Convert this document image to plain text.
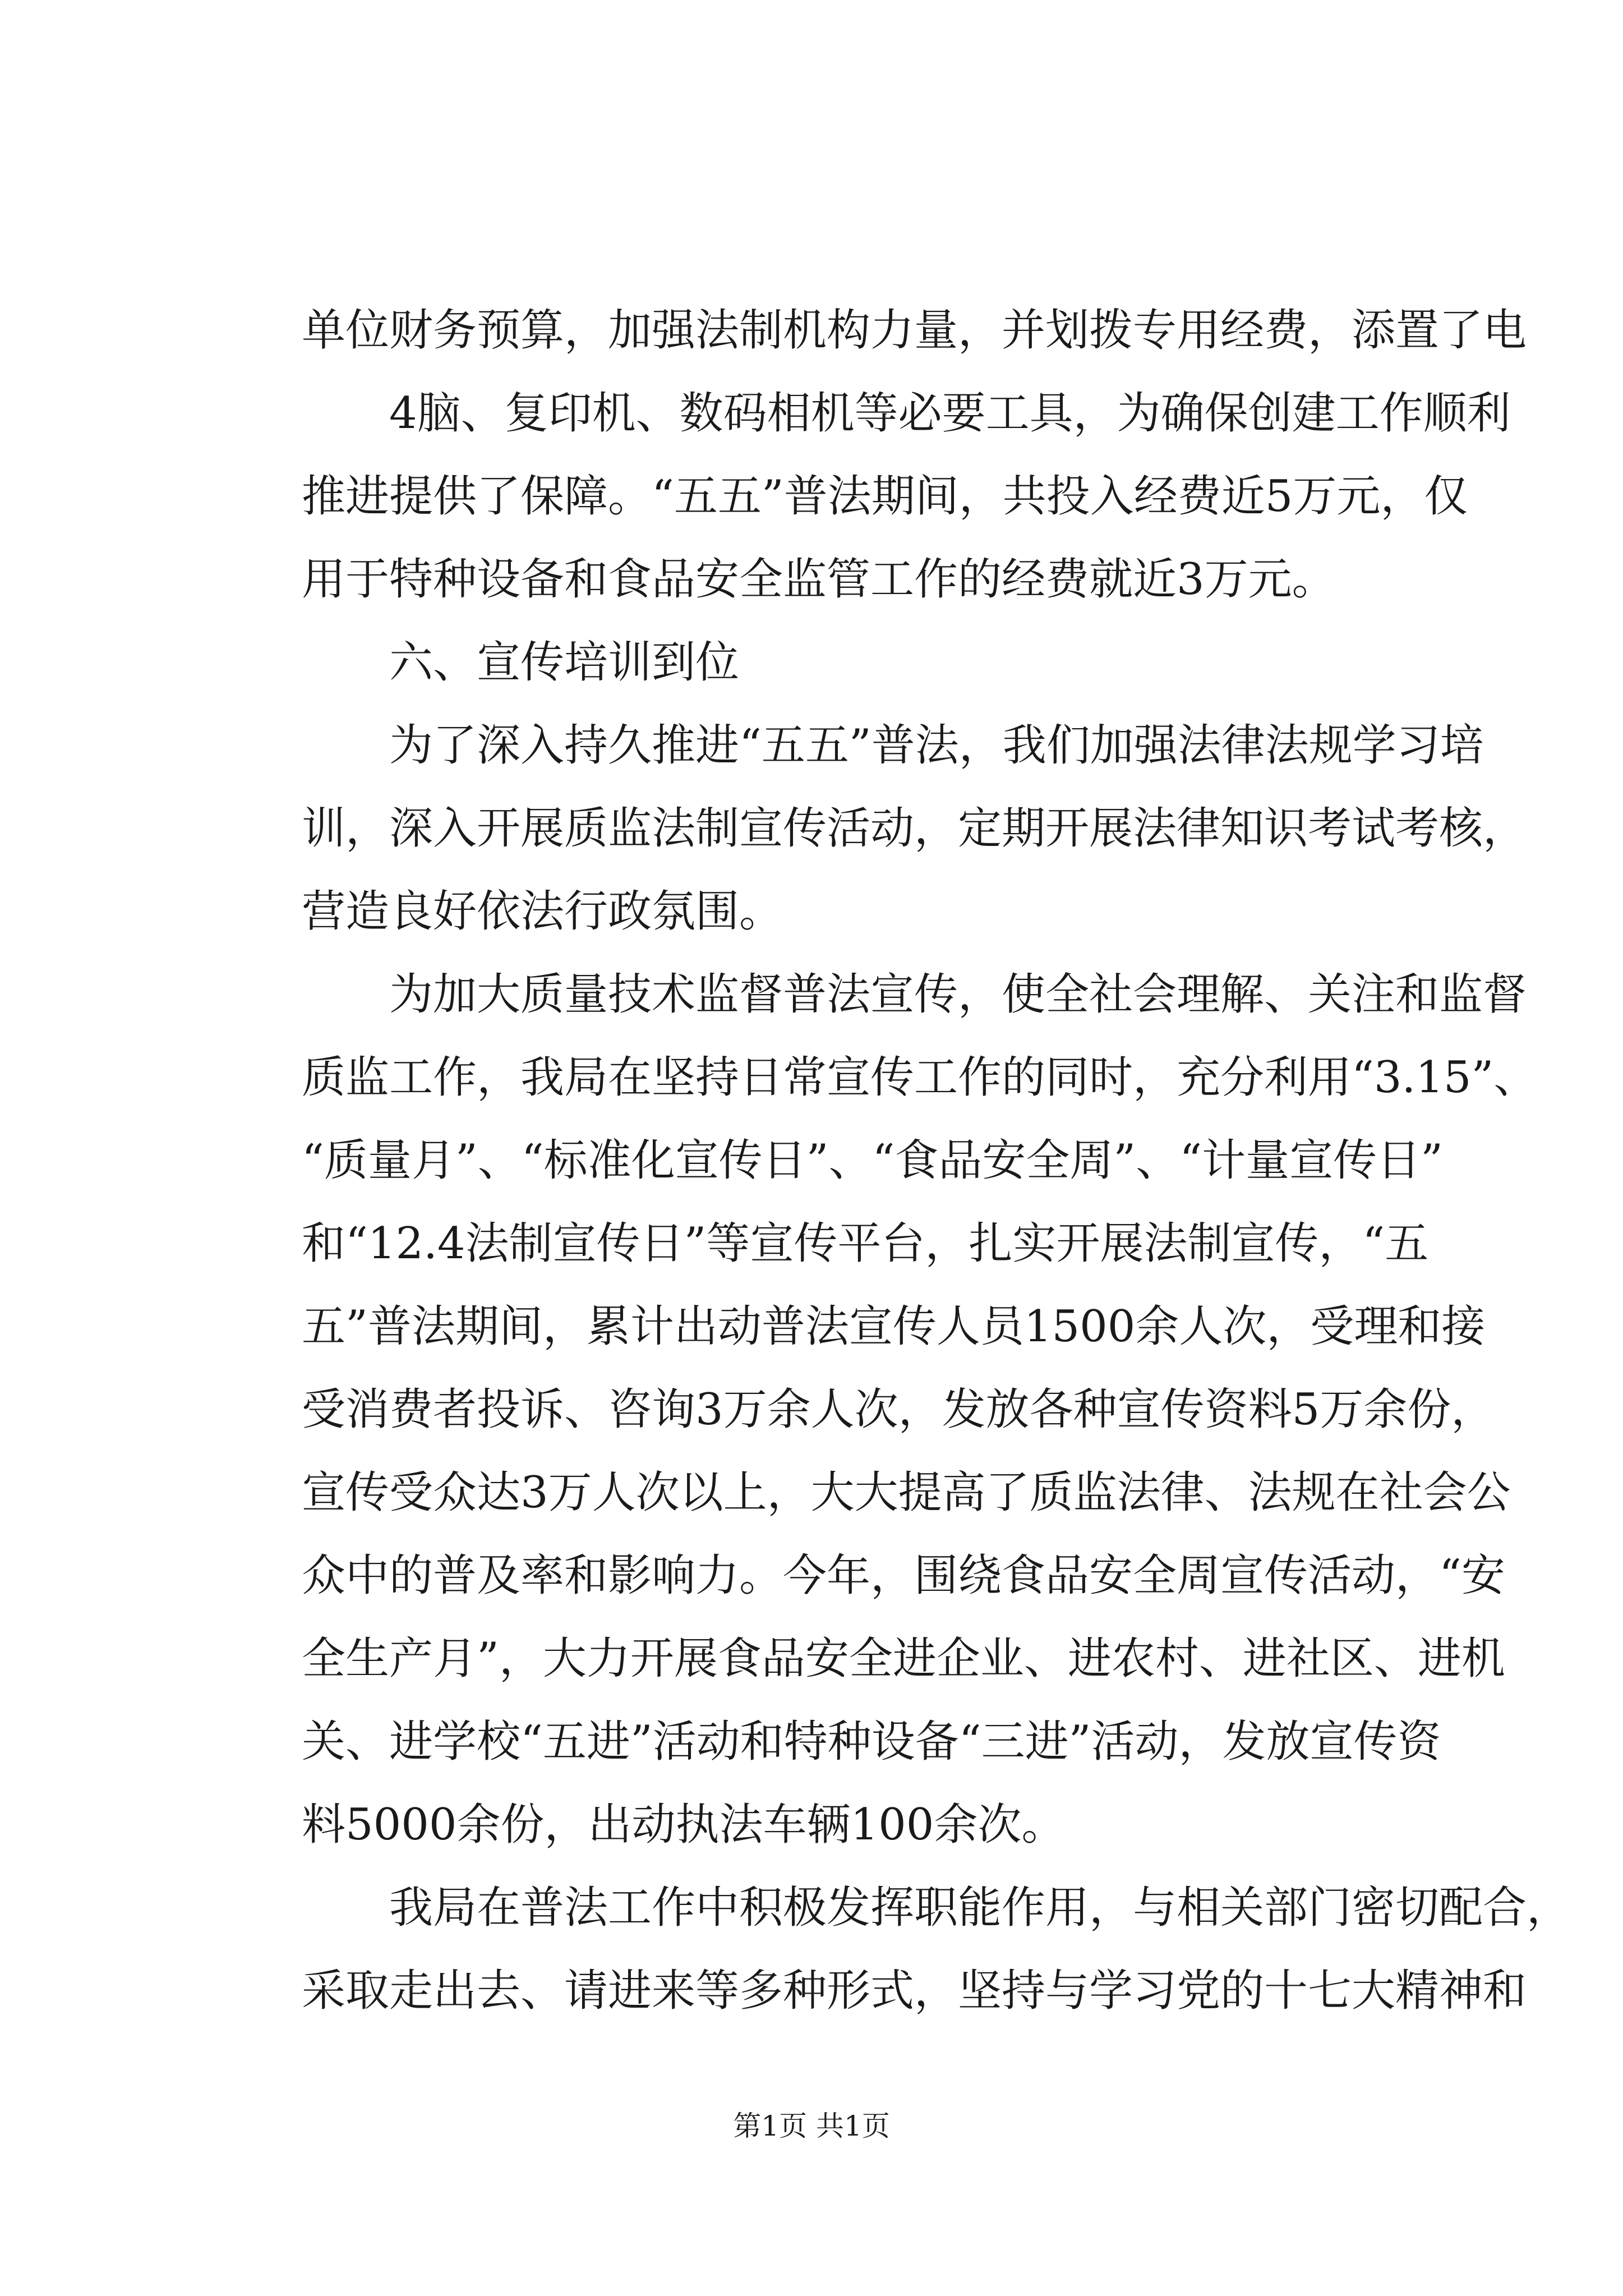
单位财务预算，加强法制机构力量，并划拨专用经费，添置了电
4脑、复印机、数码相机等必要工具，为确保创建工作顺利
推进提供了保障。“五五”普法期间，共投入经费近5万元，仅
用于特种设备和食品安全监管工作的经费就近3万元。
六、宣传培训到位
为了深入持久推进“五五”普法，我们加强法律法规学习培
训，深入开展质监法制宣传活动，定期开展法律知识考试考核，
营造良好依法行政氛围。
为加大质量技术监督普法宣传，使全社会理解、关注和监督
质监工作，我局在坚持日常宣传工作的同时，充分利用“3.15”、
“质量月”、“标准化宣传日”、“食品安全周”、“计量宣传日”
和“12.4法制宣传日”等宣传平台，扎实开展法制宣传，“五
五”普法期间，累计出动普法宣传人员1500余人次，受理和接
受消费者投诉、咨询3万余人次，发放各种宣传资料5万余份，
宣传受众达3万人次以上，大大提高了质监法律、法规在社会公
众中的普及率和影响力。今年，围绕食品安全周宣传活动，“安
全生产月”，大力开展食品安全进企业、进农村、进社区、进机
关、进学校“五进”活动和特种设备“三进”活动，发放宣传资
料5000余份，出动执法车辆100余次。
我局在普法工作中积极发挥职能作用，与相关部门密切配合，
采取走出去、请进来等多种形式，坚持与学习党的十七大精神和
第1页 共1页
